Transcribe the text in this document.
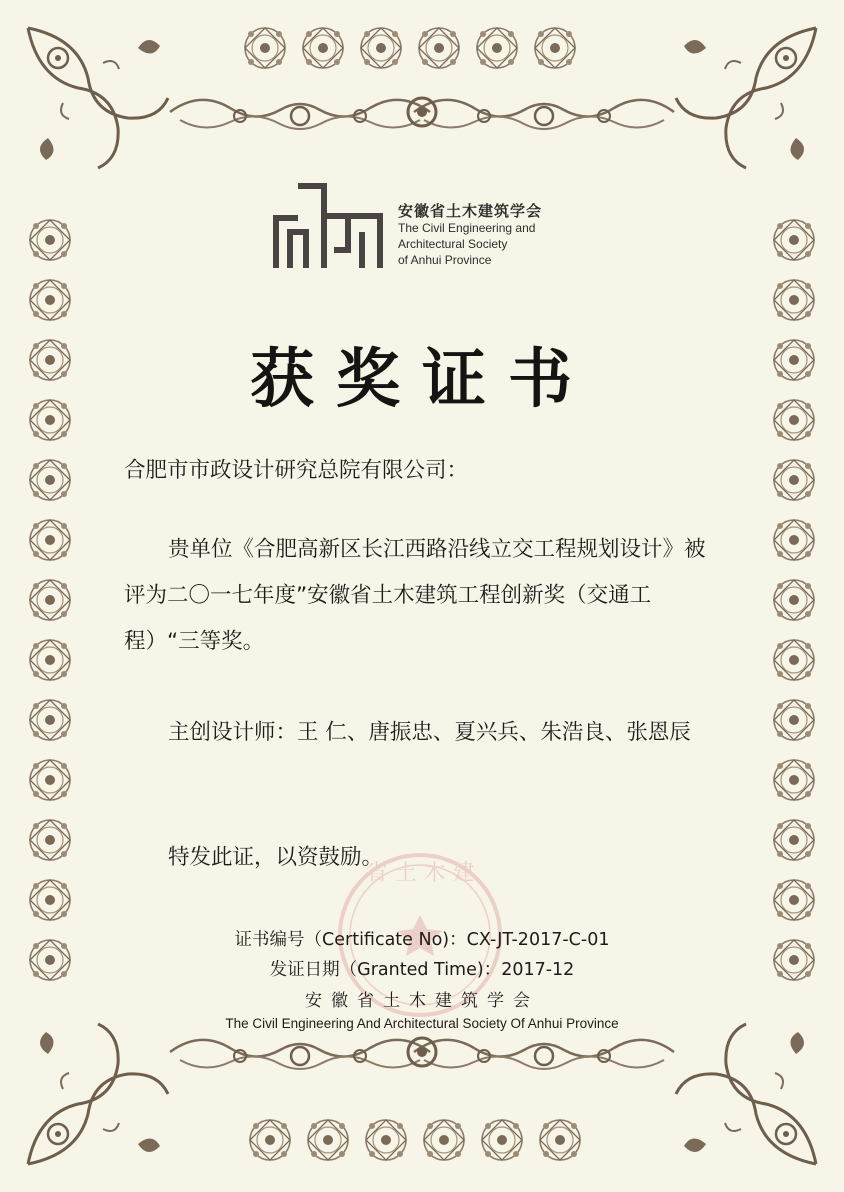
省 土 木 建
安徽省土木建筑学会
The Civil Engineering and
Architectural Society
of Anhui Province
获奖证书
合肥市市政设计研究总院有限公司：
贵单位《合肥高新区长江西路沿线立交工程规划设计》被评为二〇一七年度”安徽省土木建筑工程创新奖（交通工程）“三等奖。
主创设计师：王 仁、唐振忠、夏兴兵、朱浩良、张恩辰
特发此证，以资鼓励。
证书编号（Certificate No)：CX-JT-2017-C-01
发证日期（Granted Time)：2017-12
安徽省土木建筑学会
The Civil Engineering And Architectural Society Of Anhui Province
